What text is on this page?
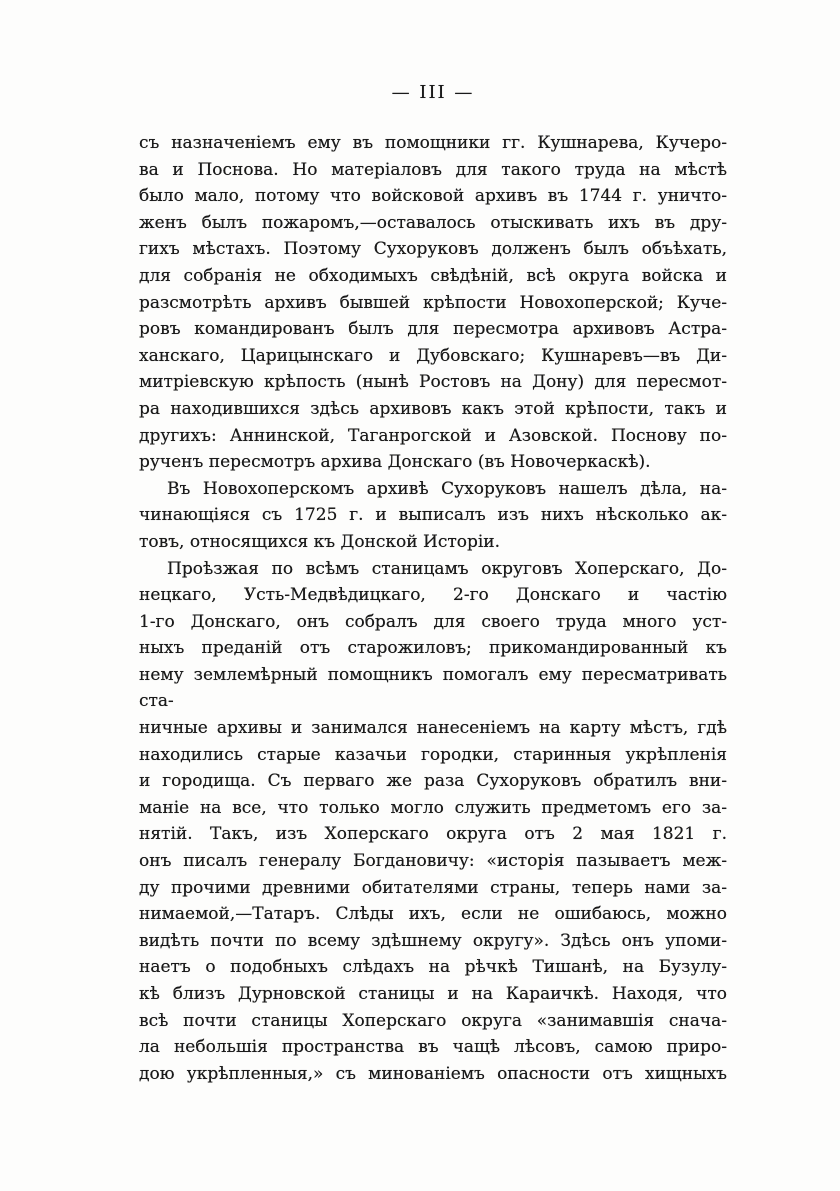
— III —
съ назначеніемъ ему въ помощники гг. Кушнарева, Кучеро-
ва и Поснова. Но матеріаловъ для такого труда на мѣстѣ
было мало, потому что войсковой архивъ въ 1744 г. уничто-
женъ былъ пожаромъ,—оставалось отыскивать ихъ въ дру-
гихъ мѣстахъ. Поэтому Сухоруковъ долженъ былъ объѣхать,
для собранія не обходимыхъ свѣдѣній, всѣ округа войска и
разсмотрѣть архивъ бывшей крѣпости Новохоперской; Куче-
ровъ командированъ былъ для пересмотра архивовъ Астра-
ханскаго, Царицынскаго и Дубовскаго; Кушнаревъ—въ Ди-
митріевскую крѣпость (нынѣ Ростовъ на Дону) для пересмот-
ра находившихся здѣсь архивовъ какъ этой крѣпости, такъ и
другихъ: Аннинской, Таганрогской и Азовской. Поснову по-
рученъ пересмотръ архива Донскаго (въ Новочеркаскѣ).
Въ Новохоперскомъ архивѣ Сухоруковъ нашелъ дѣла, на-
чинающіяся съ 1725 г. и выписалъ изъ нихъ нѣсколько ак-
товъ, относящихся къ Донской Исторіи.
Проѣзжая по всѣмъ станицамъ округовъ Хоперскаго, До-
нецкаго, Усть-Медвѣдицкаго, 2-го Донскаго и частію
1-го Донскаго, онъ собралъ для своего труда много уст-
ныхъ преданій отъ старожиловъ; прикомандированный къ
нему землемѣрный помощникъ помогалъ ему пересматривать ста-
ничные архивы и занимался нанесеніемъ на карту мѣстъ, гдѣ
находились старые казачьи городки, старинныя укрѣпленія
и городища. Съ перваго же раза Сухоруковъ обратилъ вни-
маніе на все, что только могло служить предметомъ его за-
нятій. Такъ, изъ Хоперскаго округа отъ 2 мая 1821 г.
онъ писалъ генералу Богдановичу: «исторія пазываетъ меж-
ду прочими древними обитателями страны, теперь нами за-
нимаемой,—Татаръ. Слѣды ихъ, если не ошибаюсь, можно
видѣть почти по всему здѣшнему округу». Здѣсь онъ упоми-
наетъ о подобныхъ слѣдахъ на рѣчкѣ Тишанѣ, на Бузулу-
кѣ близъ Дурновской станицы и на Караичкѣ. Находя, что
всѣ почти станицы Хоперскаго округа «занимавшія снача-
ла небольшія пространства въ чащѣ лѣсовъ, самою приро-
дою укрѣпленныя,» съ минованіемъ опасности отъ хищныхъ
